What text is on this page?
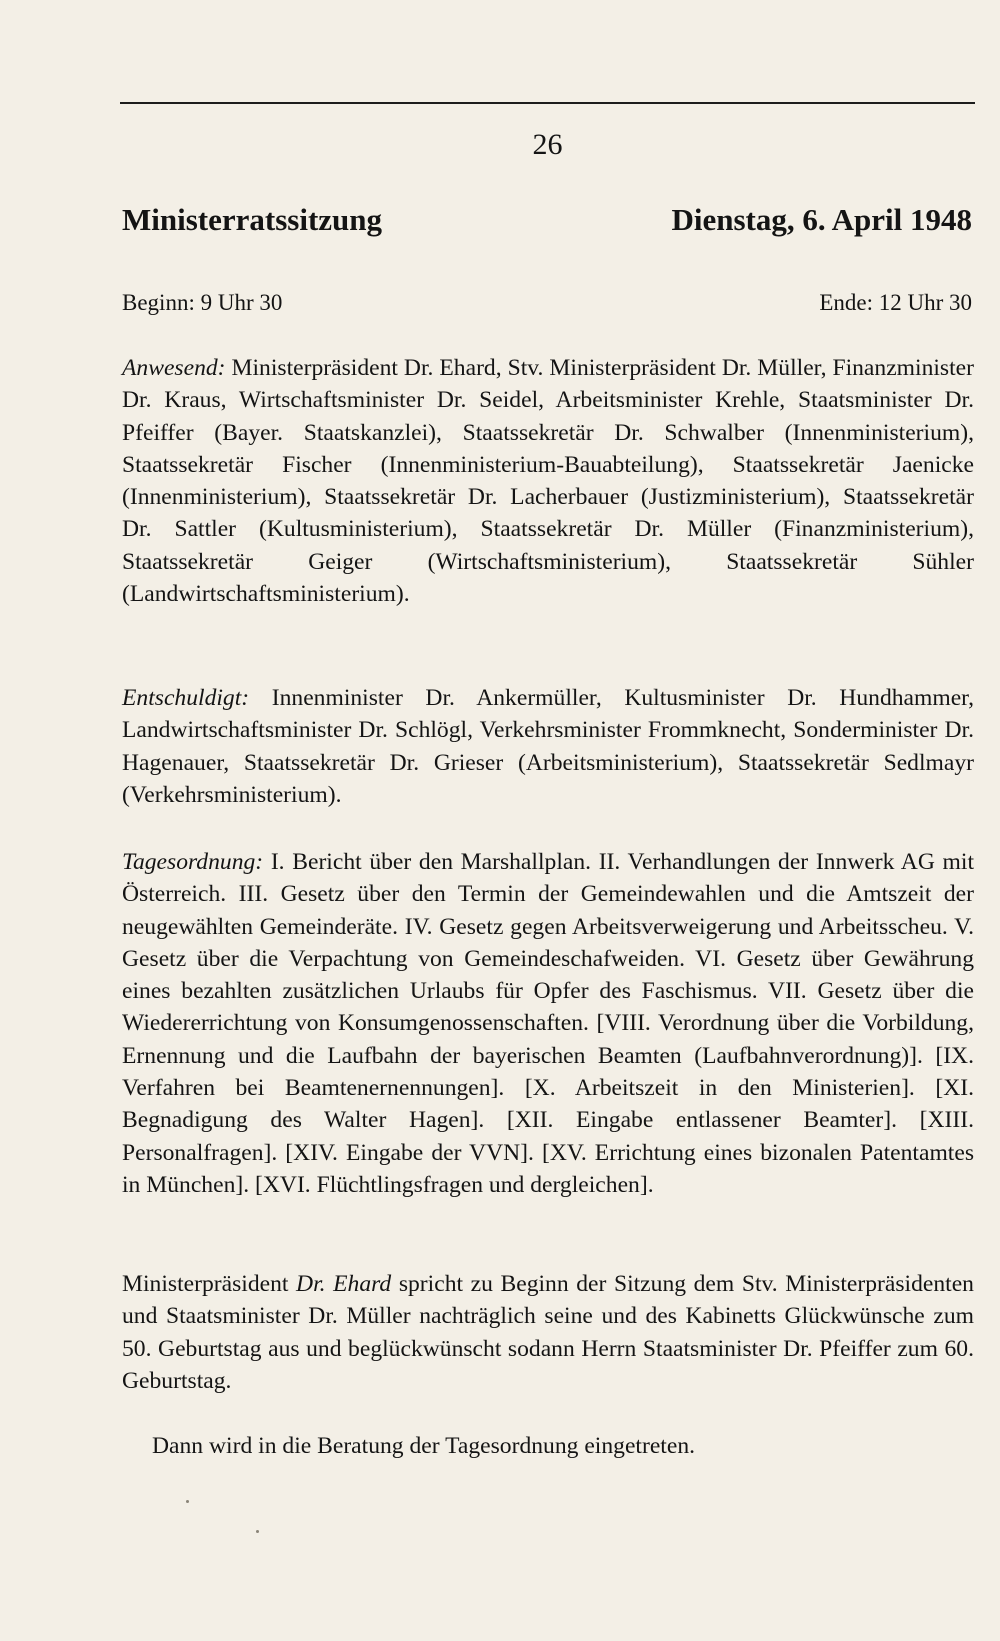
26
Ministerratssitzung	Dienstag, 6. April 1948
Beginn: 9 Uhr 30	Ende: 12 Uhr 30

Anwesend: Ministerpräsident Dr. Ehard, Stv. Ministerpräsident Dr. Müller, Finanzminister Dr. Kraus, Wirtschaftsminister Dr. Seidel, Arbeitsminister Krehle, Staatsminister Dr. Pfeiffer (Bayer. Staatskanzlei), Staatssekretär Dr. Schwalber (Innenministerium), Staatssekretär Fischer (Innenministerium-Bauabteilung), Staatssekretär Jaenicke (Innenministerium), Staatssekretär Dr. Lacherbauer (Justizministerium), Staatssekretär Dr. Sattler (Kultusministerium), Staatssekretär Dr. Müller (Finanzministerium), Staatssekretär Geiger (Wirtschaftsministerium), Staatssekretär Sühler (Landwirtschaftsministerium).

Entschuldigt: Innenminister Dr. Ankermüller, Kultusminister Dr. Hundhammer, Landwirtschaftsminister Dr. Schlögl, Verkehrsminister Frommknecht, Sonderminister Dr. Hagenauer, Staatssekretär Dr. Grieser (Arbeitsministerium), Staatssekretär Sedlmayr (Verkehrsministerium).

Tagesordnung: I. Bericht über den Marshallplan. II. Verhandlungen der Innwerk AG mit Österreich. III. Gesetz über den Termin der Gemeindewahlen und die Amtszeit der neugewählten Gemeinderäte. IV. Gesetz gegen Arbeitsverweigerung und Arbeitsscheu. V. Gesetz über die Verpachtung von Gemeindeschafweiden. VI. Gesetz über Gewährung eines bezahlten zusätzlichen Urlaubs für Opfer des Faschismus. VII. Gesetz über die Wiedererrichtung von Konsumgenossenschaften. [VIII. Verordnung über die Vorbildung, Ernennung und die Laufbahn der bayerischen Beamten (Laufbahnverordnung)]. [IX. Verfahren bei Beamtenernennungen]. [X. Arbeitszeit in den Ministerien]. [XI. Begnadigung des Walter Hagen]. [XII. Eingabe entlassener Beamter]. [XIII. Personalfragen]. [XIV. Eingabe der VVN]. [XV. Errichtung eines bizonalen Patentamtes in München]. [XVI. Flüchtlingsfragen und dergleichen].

Ministerpräsident Dr. Ehard spricht zu Beginn der Sitzung dem Stv. Ministerpräsidenten und Staatsminister Dr. Müller nachträglich seine und des Kabinetts Glückwünsche zum 50. Geburtstag aus und beglückwünscht sodann Herrn Staatsminister Dr. Pfeiffer zum 60. Geburtstag.

Dann wird in die Beratung der Tagesordnung eingetreten.
